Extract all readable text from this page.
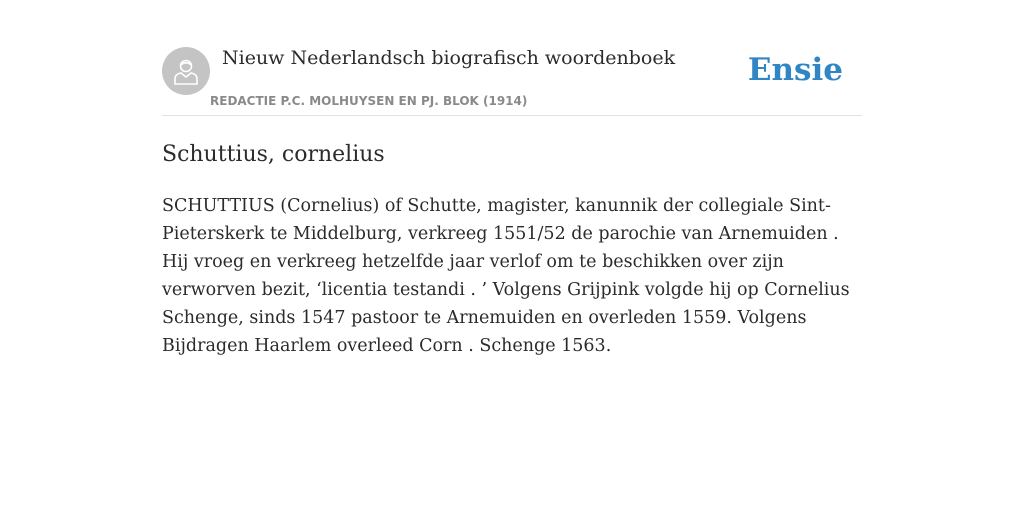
Nieuw Nederlandsch biografisch woordenboek
REDACTIE P.C. MOLHUYSEN EN PJ. BLOK (1914)
Ensie
Schuttius, cornelius

SCHUTTIUS (Cornelius) of Schutte, magister, kanunnik der collegiale Sint-Pieterskerk te Middelburg, verkreeg 1551/52 de parochie van Arnemuiden . Hij vroeg en verkreeg hetzelfde jaar verlof om te beschikken over zijn verworven bezit, ‘licentia testandi . ’ Volgens Grijpink volgde hij op Cornelius Schenge, sinds 1547 pastoor te Arnemuiden en overleden 1559. Volgens Bijdragen Haarlem overleed Corn . Schenge 1563.
